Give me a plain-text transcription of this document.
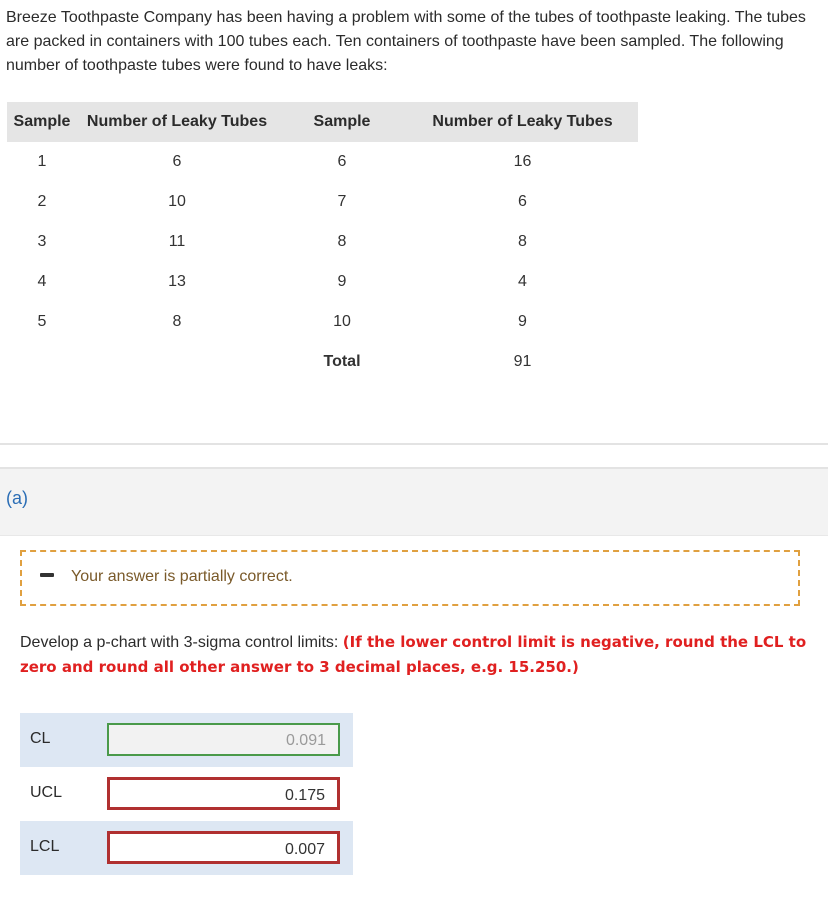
Breeze Toothpaste Company has been having a problem with some of the tubes of toothpaste leaking. The tubes are packed in containers with 100 tubes each. Ten containers of toothpaste have been sampled. The following number of toothpaste tubes were found to have leaks:
Sample	Number of Leaky Tubes	Sample	Number of Leaky Tubes
1	6	6	16
2	10	7	6
3	11	8	8
4	13	9	4
5	8	10	9
		Total	91
(a)
Your answer is partially correct.
Develop a p-chart with 3-sigma control limits: (If the lower control limit is negative, round the LCL to zero and round all other answer to 3 decimal places, e.g. 15.250.)
CL	0.091
UCL	0.175
LCL	0.007
